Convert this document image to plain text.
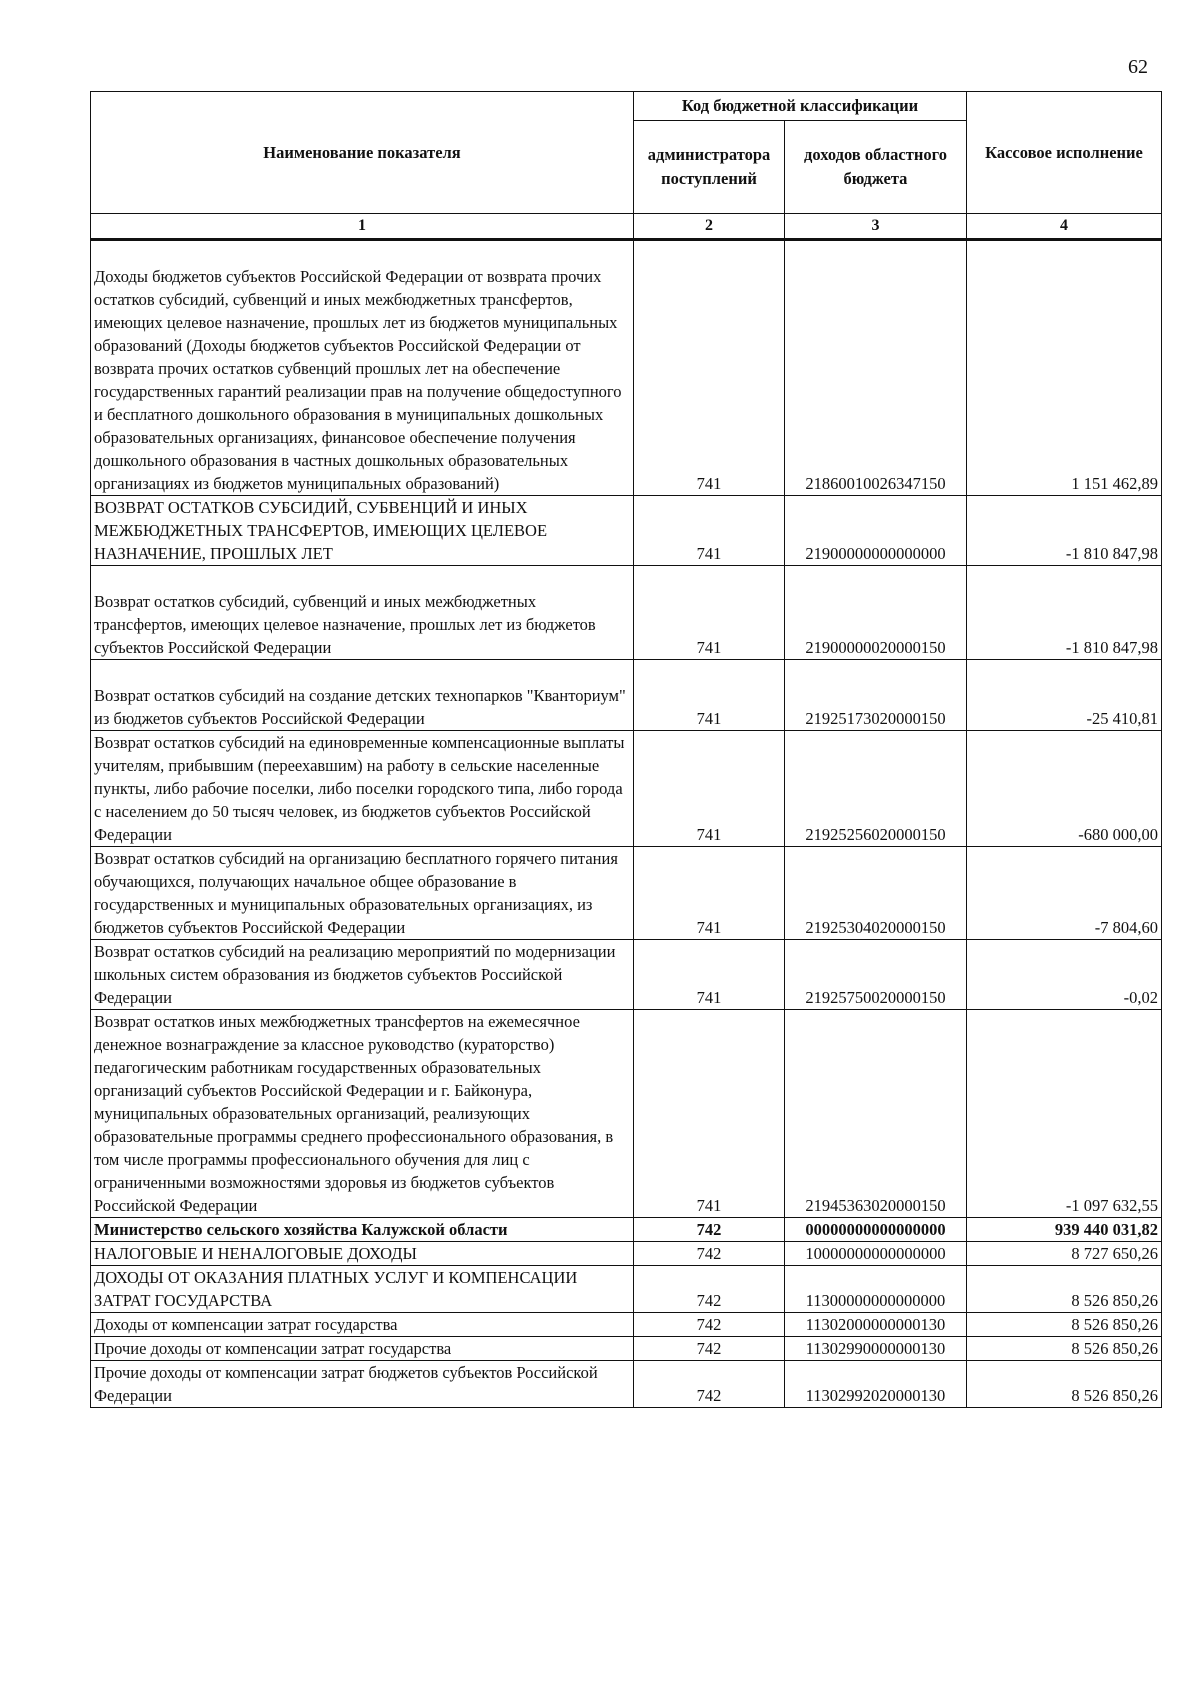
62
Наименование показателя	Код бюджетной классификации		Кассовое исполнение
	администратора поступлений	доходов областного бюджета	
1	2	3	4
Доходы бюджетов субъектов Российской Федерации от возврата прочих остатков субсидий, субвенций и иных межбюджетных трансфертов, имеющих целевое назначение, прошлых лет из бюджетов муниципальных образований (Доходы бюджетов субъектов Российской Федерации от возврата прочих остатков субвенций прошлых лет на обеспечение государственных гарантий реализации прав на получение общедоступного и бесплатного дошкольного образования в муниципальных дошкольных образовательных организациях, финансовое обеспечение получения дошкольного образования в частных дошкольных образовательных организациях из бюджетов муниципальных образований)	741	21860010026347150	1 151 462,89
ВОЗВРАТ ОСТАТКОВ СУБСИДИЙ, СУБВЕНЦИЙ И ИНЫХ МЕЖБЮДЖЕТНЫХ ТРАНСФЕРТОВ, ИМЕЮЩИХ ЦЕЛЕВОЕ НАЗНАЧЕНИЕ, ПРОШЛЫХ ЛЕТ	741	21900000000000000	-1 810 847,98
Возврат остатков субсидий, субвенций и иных межбюджетных трансфертов, имеющих целевое назначение, прошлых лет из бюджетов субъектов Российской Федерации	741	21900000020000150	-1 810 847,98
Возврат остатков субсидий на создание детских технопарков "Кванториум" из бюджетов субъектов Российской Федерации	741	21925173020000150	-25 410,81
Возврат остатков субсидий на единовременные компенсационные выплаты учителям, прибывшим (переехавшим) на работу в сельские населенные пункты, либо рабочие поселки, либо поселки городского типа, либо города с населением до 50 тысяч человек, из бюджетов субъектов Российской Федерации	741	21925256020000150	-680 000,00
Возврат остатков субсидий на организацию бесплатного горячего питания обучающихся, получающих начальное общее образование в государственных и муниципальных образовательных организациях, из бюджетов субъектов Российской Федерации	741	21925304020000150	-7 804,60
Возврат остатков субсидий на реализацию мероприятий по модернизации школьных систем образования из бюджетов субъектов Российской Федерации	741	21925750020000150	-0,02
Возврат остатков иных межбюджетных трансфертов на ежемесячное денежное вознаграждение за классное руководство (кураторство) педагогическим работникам государственных образовательных организаций субъектов Российской Федерации и г. Байконура, муниципальных образовательных организаций, реализующих образовательные программы среднего профессионального образования, в том числе программы профессионального обучения для лиц с ограниченными возможностями здоровья из бюджетов субъектов Российской Федерации	741	21945363020000150	-1 097 632,55
Министерство сельского хозяйства Калужской области	742	00000000000000000	939 440 031,82
НАЛОГОВЫЕ И НЕНАЛОГОВЫЕ ДОХОДЫ	742	10000000000000000	8 727 650,26
ДОХОДЫ ОТ ОКАЗАНИЯ ПЛАТНЫХ УСЛУГ И КОМПЕНСАЦИИ ЗАТРАТ ГОСУДАРСТВА	742	11300000000000000	8 526 850,26
Доходы от компенсации затрат государства	742	11302000000000130	8 526 850,26
Прочие доходы от компенсации затрат государства	742	11302990000000130	8 526 850,26
Прочие доходы от компенсации затрат бюджетов субъектов Российской Федерации	742	11302992020000130	8 526 850,26
